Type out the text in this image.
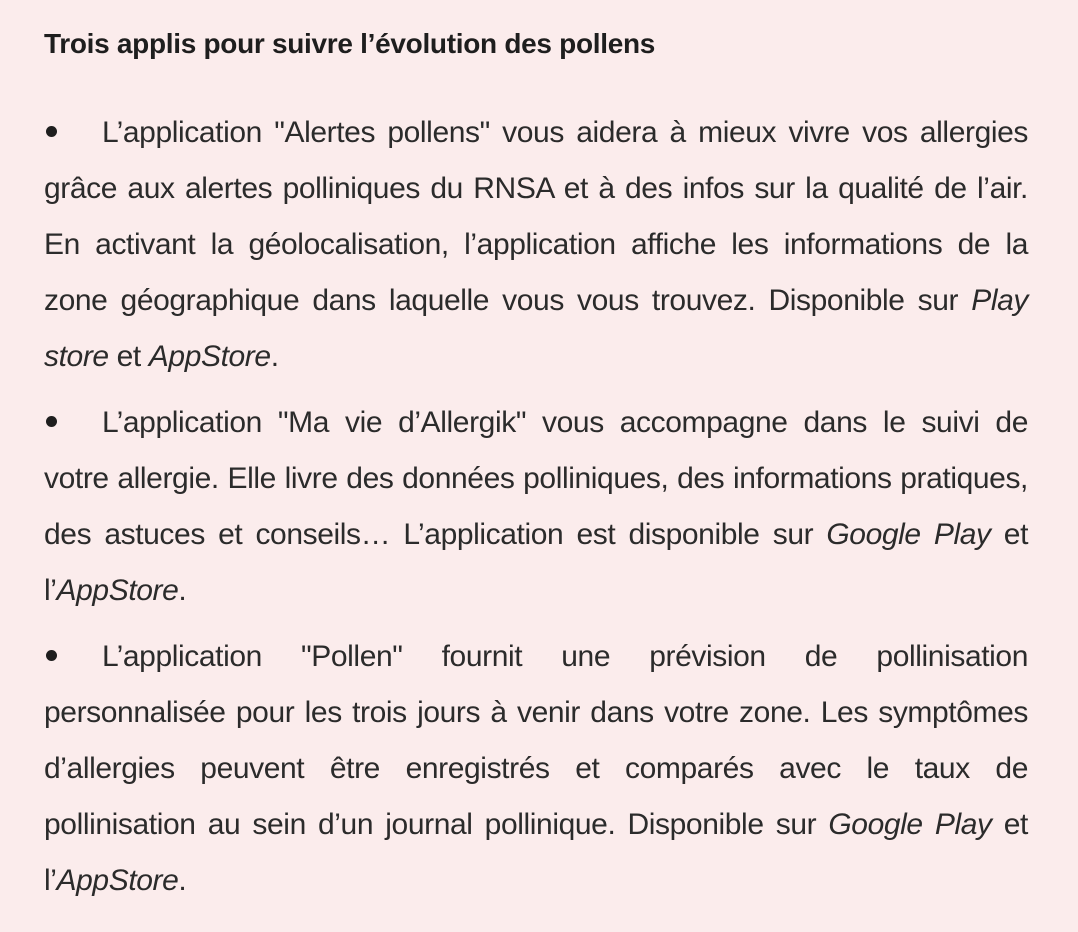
Trois applis pour suivre l’évolution des pollens
L’application "Alertes pollens" vous aidera à mieux vivre vos allergies grâce aux alertes polliniques du RNSA et à des infos sur la qualité de l’air. En activant la géolocalisation, l’application affiche les informations de la zone géographique dans laquelle vous vous trouvez. Disponible sur Play store et AppStore.
L’application "Ma vie d’Allergik" vous accompagne dans le suivi de votre allergie. Elle livre des données polliniques, des informations pratiques, des astuces et conseils… L’application est disponible sur Google Play et l’AppStore.
L’application "Pollen" fournit une prévision de pollinisation personnalisée pour les trois jours à venir dans votre zone. Les symptômes d’allergies peuvent être enregistrés et comparés avec le taux de pollinisation au sein d’un journal pollinique. Disponible sur Google Play et l’AppStore.
